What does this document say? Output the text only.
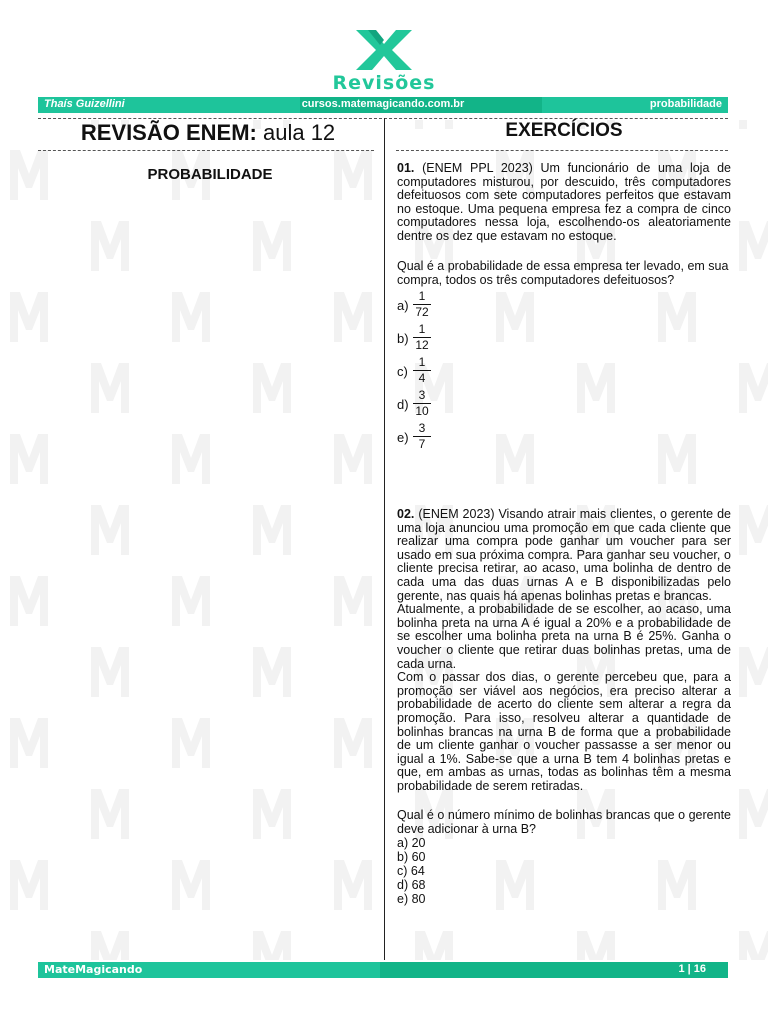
Revisões
Thaís Guizellini	cursos.matemagicando.com.br	probabilidade
REVISÃO ENEM: aula 12
PROBABILIDADE
EXERCÍCIOS

01. (ENEM PPL 2023) Um funcionário de uma loja de computadores misturou, por descuido, três computadores defeituosos com sete computadores perfeitos que estavam no estoque. Uma pequena empresa fez a compra de cinco computadores nessa loja, escolhendo-os aleatoriamente dentre os dez que estavam no estoque.

Qual é a probabilidade de essa empresa ter levado, em sua compra, todos os três computadores defeituosos?
a)
1
72
b)
1
12
c)
1
4
d)
3
10
e)
3
7

02. (ENEM 2023) Visando atrair mais clientes, o gerente de uma loja anunciou uma promoção em que cada cliente que realizar uma compra pode ganhar um voucher para ser usado em sua próxima compra. Para ganhar seu voucher, o cliente precisa retirar, ao acaso, uma bolinha de dentro de cada uma das duas urnas A e B disponibilizadas pelo gerente, nas quais há apenas bolinhas pretas e brancas.

Atualmente, a probabilidade de se escolher, ao acaso, uma bolinha preta na urna A é igual a 20% e a probabilidade de se escolher uma bolinha preta na urna B é 25%. Ganha o voucher o cliente que retirar duas bolinhas pretas, uma de cada urna.

Com o passar dos dias, o gerente percebeu que, para a promoção ser viável aos negócios, era preciso alterar a probabilidade de acerto do cliente sem alterar a regra da promoção. Para isso, resolveu alterar a quantidade de bolinhas brancas na urna B de forma que a probabilidade de um cliente ganhar o voucher passasse a ser menor ou igual a 1%. Sabe-se que a urna B tem 4 bolinhas pretas e que, em ambas as urnas, todas as bolinhas têm a mesma probabilidade de serem retiradas.

Qual é o número mínimo de bolinhas brancas que o gerente deve adicionar à urna B?
a) 20
b) 60
c) 64
d) 68
e) 80
MateMagicando	1 | 16
